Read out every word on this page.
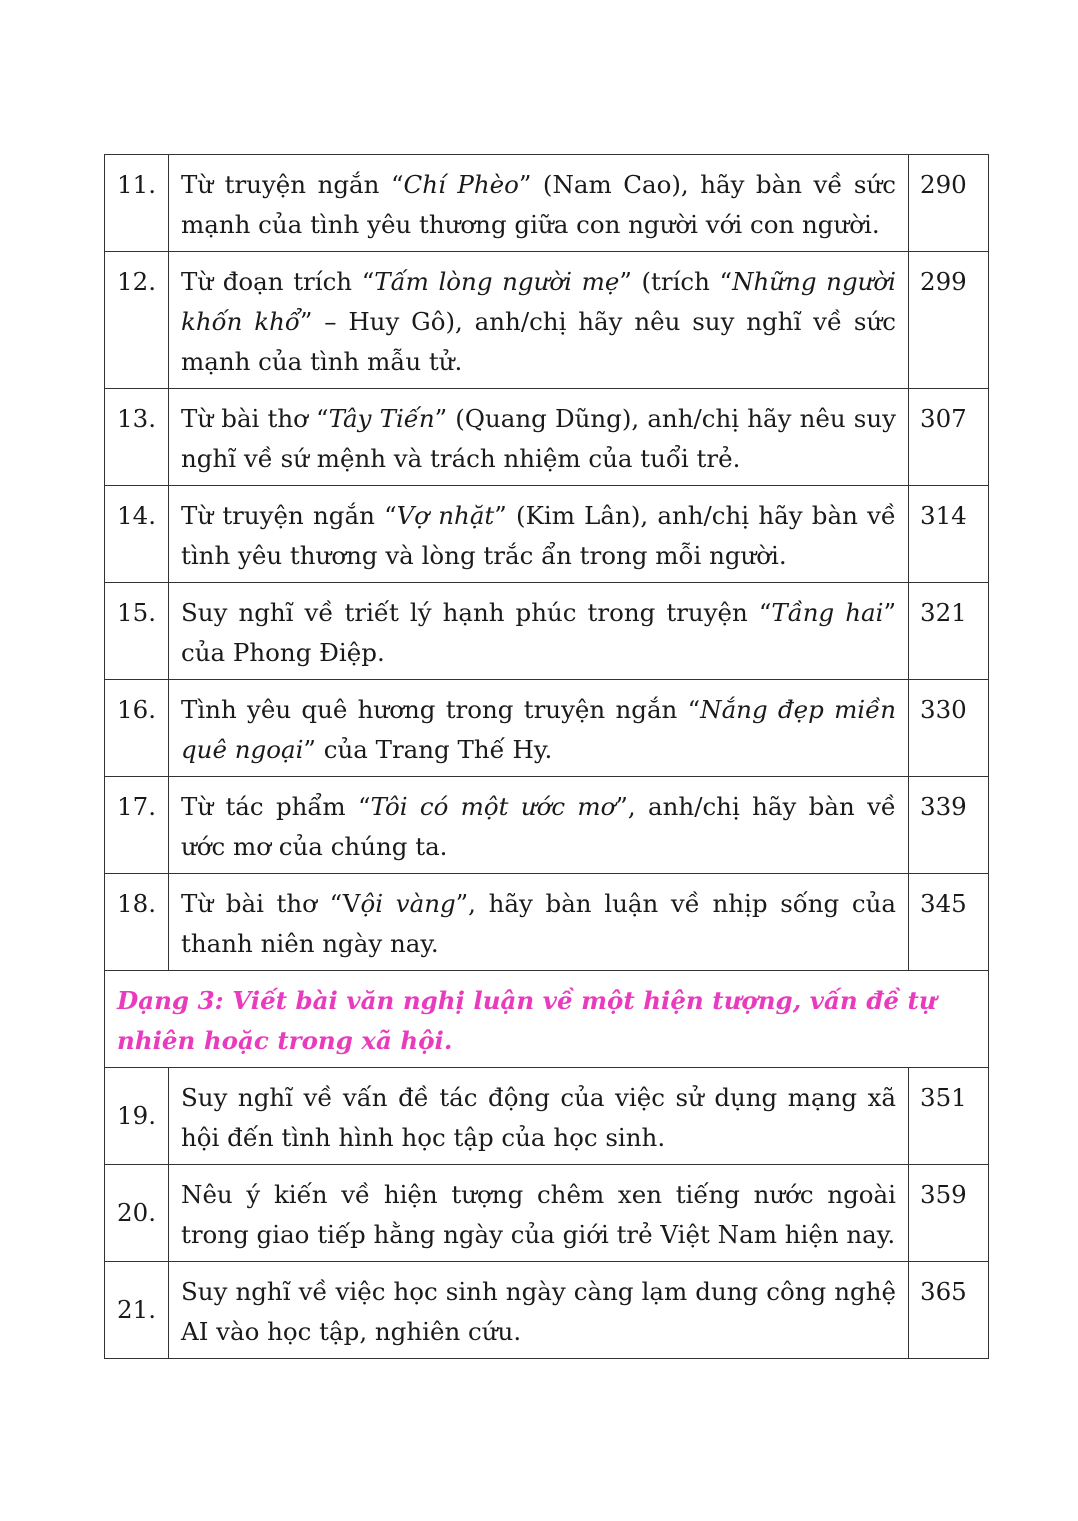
11.	Từ truyện ngắn “Chí Phèo” (Nam Cao), hãy bàn về sức mạnh của tình yêu thương giữa con người với con người.	290
12.	Từ đoạn trích “Tấm lòng người mẹ” (trích “Những người khốn khổ” – Huy Gô), anh/chị hãy nêu suy nghĩ về sức mạnh của tình mẫu tử.	299
13.	Từ bài thơ “Tây Tiến” (Quang Dũng), anh/chị hãy nêu suy nghĩ về sứ mệnh và trách nhiệm của tuổi trẻ.	307
14.	Từ truyện ngắn “Vợ nhặt” (Kim Lân), anh/chị hãy bàn về tình yêu thương và lòng trắc ẩn trong mỗi người.	314
15.	Suy nghĩ về triết lý hạnh phúc trong truyện “Tầng hai” của Phong Điệp.	321
16.	Tình yêu quê hương trong truyện ngắn “Nắng đẹp miền quê ngoại” của Trang Thế Hy.	330
17.	Từ tác phẩm “Tôi có một ước mơ”, anh/chị hãy bàn về ước mơ của chúng ta.	339
18.	Từ bài thơ “Vội vàng”, hãy bàn luận về nhịp sống của thanh niên ngày nay.	345
Dạng 3: Viết bài văn nghị luận về một hiện tượng, vấn đề tự nhiên hoặc trong xã hội.		
19.	Suy nghĩ về vấn đề tác động của việc sử dụng mạng xã hội đến tình hình học tập của học sinh.	351
20.	Nêu ý kiến về hiện tượng chêm xen tiếng nước ngoài trong giao tiếp hằng ngày của giới trẻ Việt Nam hiện nay.	359
21.	Suy nghĩ về việc học sinh ngày càng lạm dung công nghệ AI vào học tập, nghiên cứu.	365
